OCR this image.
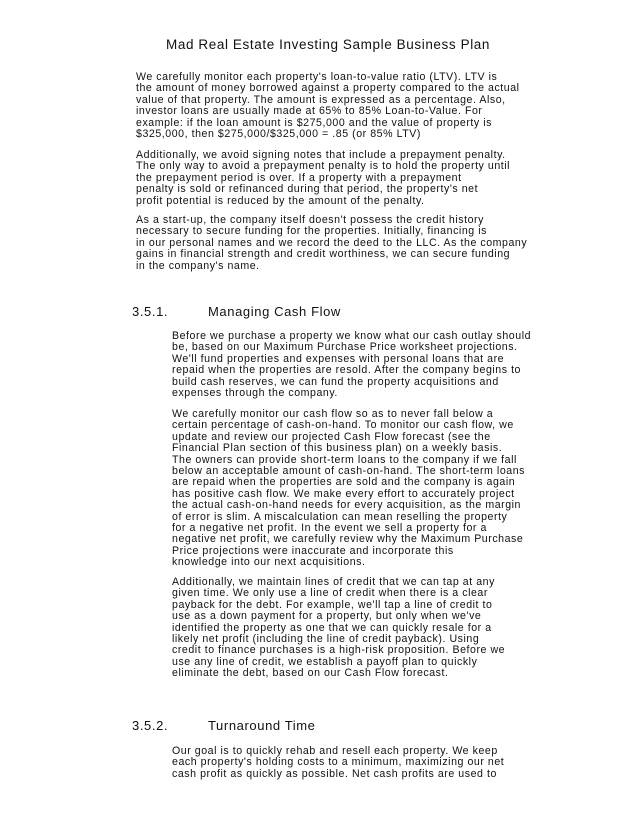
Mad Real Estate Investing Sample Business Plan

We carefully monitor each property's loan-to-value ratio (LTV). LTV is

the amount of money borrowed against a property compared to the actual

value of that property. The amount is expressed as a percentage. Also,

investor loans are usually made at 65% to 85% Loan-to-Value. For

example: if the loan amount is $275,000 and the value of property is

$325,000, then $275,000/$325,000 = .85 (or 85% LTV)

Additionally, we avoid signing notes that include a prepayment penalty.

The only way to avoid a prepayment penalty is to hold the property until

the prepayment period is over. If a property with a prepayment

penalty is sold or refinanced during that period, the property's net

profit potential is reduced by the amount of the penalty.

As a start-up, the company itself doesn't possess the credit history

necessary to secure funding for the properties. Initially, financing is

in our personal names and we record the deed to the LLC. As the company

gains in financial strength and credit worthiness, we can secure funding

in the company's name.

3.5.1.	Managing Cash Flow

Before we purchase a property we know what our cash outlay should

be, based on our Maximum Purchase Price worksheet projections.

We'll fund properties and expenses with personal loans that are

repaid when the properties are resold. After the company begins to

build cash reserves, we can fund the property acquisitions and

expenses through the company.

We carefully monitor our cash flow so as to never fall below a

certain percentage of cash-on-hand. To monitor our cash flow, we

update and review our projected Cash Flow forecast (see the

Financial Plan section of this business plan) on a weekly basis.

The owners can provide short-term loans to the company if we fall

below an acceptable amount of cash-on-hand. The short-term loans

are repaid when the properties are sold and the company is again

has positive cash flow. We make every effort to accurately project

the actual cash-on-hand needs for every acquisition, as the margin

of error is slim. A miscalculation can mean reselling the property

for a negative net profit. In the event we sell a property for a

negative net profit, we carefully review why the Maximum Purchase

Price projections were inaccurate and incorporate this

knowledge into our next acquisitions.

Additionally, we maintain lines of credit that we can tap at any

given time. We only use a line of credit when there is a clear

payback for the debt. For example, we'll tap a line of credit to

use as a down payment for a property, but only when we've

identified the property as one that we can quickly resale for a

likely net profit (including the line of credit payback). Using

credit to finance purchases is a high-risk proposition. Before we

use any line of credit, we establish a payoff plan to quickly

eliminate the debt, based on our Cash Flow forecast.

3.5.2.	Turnaround Time

Our goal is to quickly rehab and resell each property. We keep

each property's holding costs to a minimum, maximizing our net

cash profit as quickly as possible. Net cash profits are used to
